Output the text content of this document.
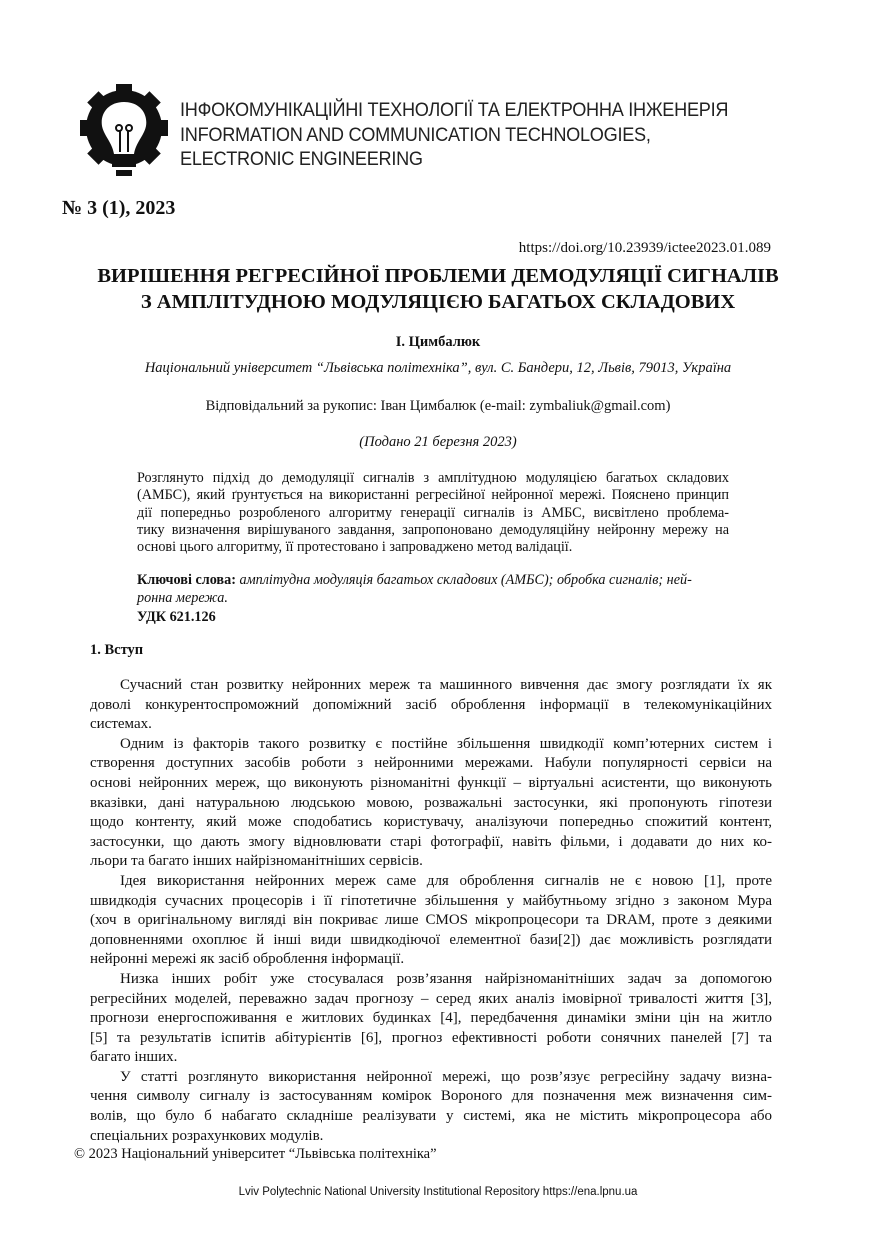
ІНФОКОМУНІКАЦІЙНІ ТЕХНОЛОГІЇ ТА ЕЛЕКТРОННА ІНЖЕНЕРІЯ
INFORMATION AND COMMUNICATION TECHNOLOGIES,
ELECTRONIC ENGINEERING
№ 3 (1), 2023
https://doi.org/10.23939/ictee2023.01.089
ВИРІШЕННЯ РЕГРЕСІЙНОЇ ПРОБЛЕМИ ДЕМОДУЛЯЦІЇ СИГНАЛІВ
З АМПЛІТУДНОЮ МОДУЛЯЦІЄЮ БАГАТЬОХ СКЛАДОВИХ
І. Цимбалюк
Національний університет “Львівська політехніка”, вул. С. Бандери, 12, Львів, 79013, Україна
Відповідальний за рукопис: Іван Цимбалюк (e-mail: zymbaliuk@gmail.com)
(Подано 21 березня 2023)
Розглянуто підхід до демодуляції сигналів з амплітудною модуляцією багатьох складових
(АМБС), який ґрунтується на використанні регресійної нейронної мережі. Пояснено принцип
дії попередньо розробленого алгоритму генерації сигналів із АМБС, висвітлено проблема-
тику визначення вирішуваного завдання, запропоновано демодуляційну нейронну мережу на
основі цього алгоритму, її протестовано і запроваджено метод валідації.
Ключові слова: амплітудна модуляція багатьох складових (АМБС); обробка сигналів; ней-
ронна мережа.
УДК 621.126
1. Вступ
Сучасний стан розвитку нейронних мереж та машинного вивчення дає змогу розглядати їх як
доволі конкурентоспроможний допоміжний засіб оброблення інформації в телекомунікаційних
системах.
Одним із факторів такого розвитку є постійне збільшення швидкодії комп’ютерних систем і
створення доступних засобів роботи з нейронними мережами. Набули популярності сервіси на
основі нейронних мереж, що виконують різноманітні функції – віртуальні асистенти, що виконують
вказівки, дані натуральною людською мовою, розважальні застосунки, які пропонують гіпотези
щодо контенту, який може сподобатись користувачу, аналізуючи попередньо спожитий контент,
застосунки, що дають змогу відновлювати старі фотографії, навіть фільми, і додавати до них ко-
льори та багато інших найрізноманітніших сервісів.
Ідея використання нейронних мереж саме для оброблення сигналів не є новою [1], проте
швидкодія сучасних процесорів і її гіпотетичне збільшення у майбутньому згідно з законом Мура
(хоч в оригінальному вигляді він покриває лише CMOS мікропроцесори та DRAM, проте з деякими
доповненнями охоплює й інші види швидкодіючої елементної бази[2]) дає можливість розглядати
нейронні мережі як засіб оброблення інформації.
Низка інших робіт уже стосувалася розв’язання найрізноманітніших задач за допомогою
регресійних моделей, переважно задач прогнозу – серед яких аналіз імовірної тривалості життя [3],
прогнози енергоспоживання е житлових будинках [4], передбачення динаміки зміни цін на житло
[5] та результатів іспитів абітурієнтів [6], прогноз ефективності роботи сонячних панелей [7] та
багато інших.
У статті розглянуто використання нейронної мережі, що розв’язує регресійну задачу визна-
чення символу сигналу із застосуванням комірок Вороного для позначення меж визначення сим-
волів, що було б набагато складніше реалізувати у системі, яка не містить мікропроцесора або
спеціальних розрахункових модулів.
© 2023 Національний університет “Львівська політехніка”
Lviv Polytechnic National University Institutional Repository https://ena.lpnu.ua
